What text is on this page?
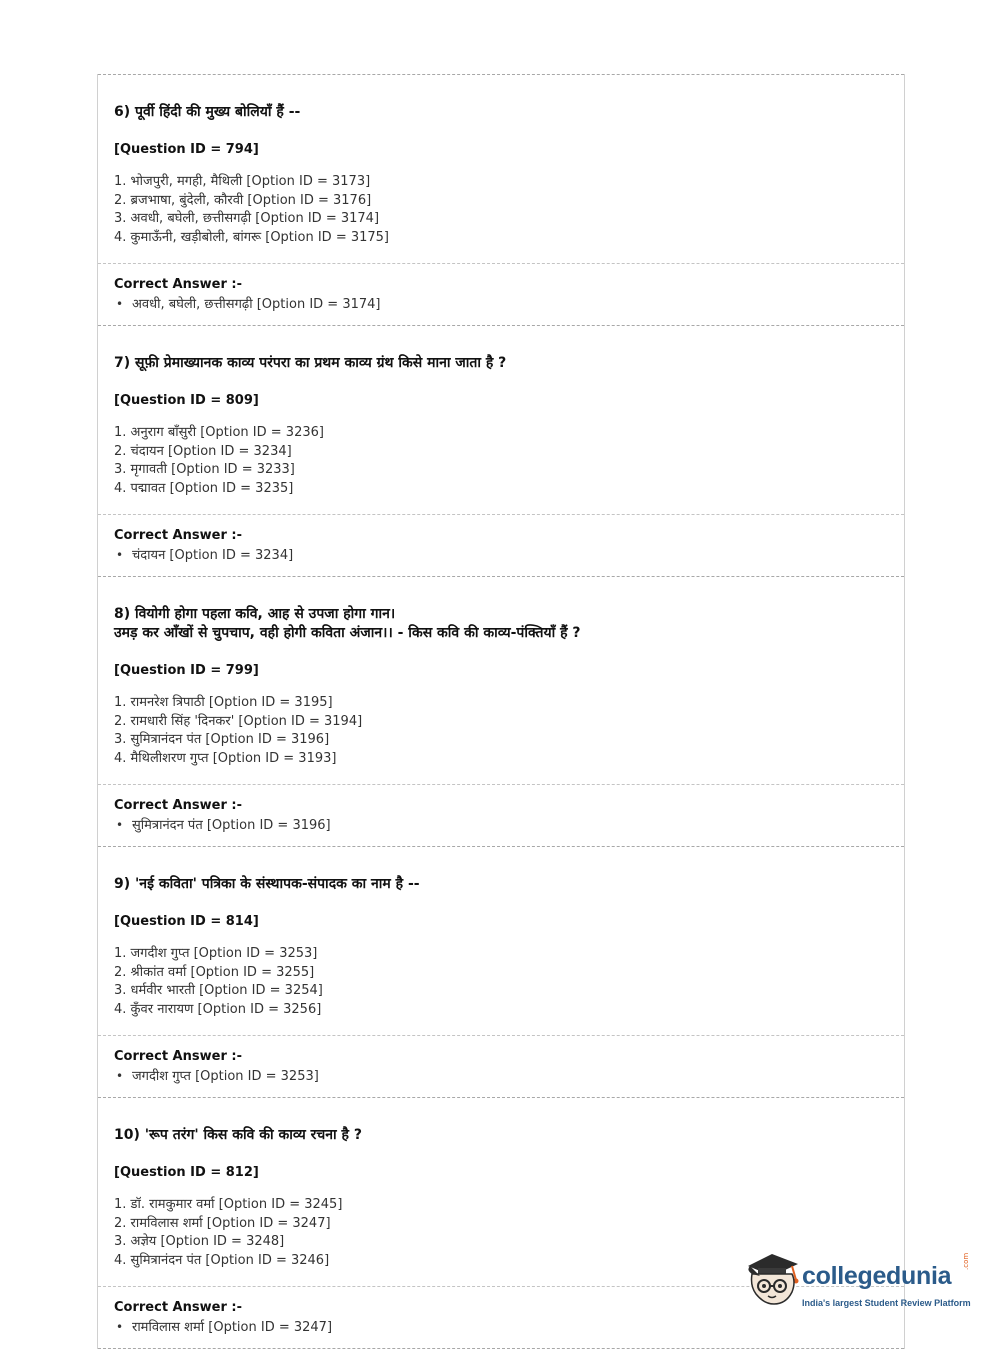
6) पूर्वी हिंदी की मुख्य बोलियाँ हैं --

[Question ID = 794]

1. भोजपुरी, मगही, मैथिली [Option ID = 3173]
2. ब्रजभाषा, बुंदेली, कौरवी [Option ID = 3176]
3. अवधी, बघेली, छत्तीसगढ़ी [Option ID = 3174]
4. कुमाऊँनी, खड़ीबोली, बांगरू [Option ID = 3175]
Correct Answer :-
• अवधी, बघेली, छत्तीसगढ़ी [Option ID = 3174]

7) सूफ़ी प्रेमाख्यानक काव्य परंपरा का प्रथम काव्य ग्रंथ किसे माना जाता है ?

[Question ID = 809]

1. अनुराग बाँसुरी [Option ID = 3236]
2. चंदायन [Option ID = 3234]
3. मृगावती [Option ID = 3233]
4. पद्मावत [Option ID = 3235]
Correct Answer :-
• चंदायन [Option ID = 3234]

8) वियोगी होगा पहला कवि, आह से उपजा होगा गान।
उमड़ कर आँखों से चुपचाप, वही होगी कविता अंजान।। - किस कवि की काव्य-पंक्तियाँ हैं ?

[Question ID = 799]

1. रामनरेश त्रिपाठी [Option ID = 3195]
2. रामधारी सिंह 'दिनकर' [Option ID = 3194]
3. सुमित्रानंदन पंत [Option ID = 3196]
4. मैथिलीशरण गुप्त [Option ID = 3193]
Correct Answer :-
• सुमित्रानंदन पंत [Option ID = 3196]

9) 'नई कविता' पत्रिका के संस्थापक-संपादक का नाम है --

[Question ID = 814]

1. जगदीश गुप्त [Option ID = 3253]
2. श्रीकांत वर्मा [Option ID = 3255]
3. धर्मवीर भारती [Option ID = 3254]
4. कुँवर नारायण [Option ID = 3256]
Correct Answer :-
• जगदीश गुप्त [Option ID = 3253]

10) 'रूप तरंग' किस कवि की काव्य रचना है ?

[Question ID = 812]

1. डॉ. रामकुमार वर्मा [Option ID = 3245]
2. रामविलास शर्मा [Option ID = 3247]
3. अज्ञेय [Option ID = 3248]
4. सुमित्रानंदन पंत [Option ID = 3246]
Correct Answer :-
• रामविलास शर्मा [Option ID = 3247]
collegedunia
.com
India's largest Student Review Platform
